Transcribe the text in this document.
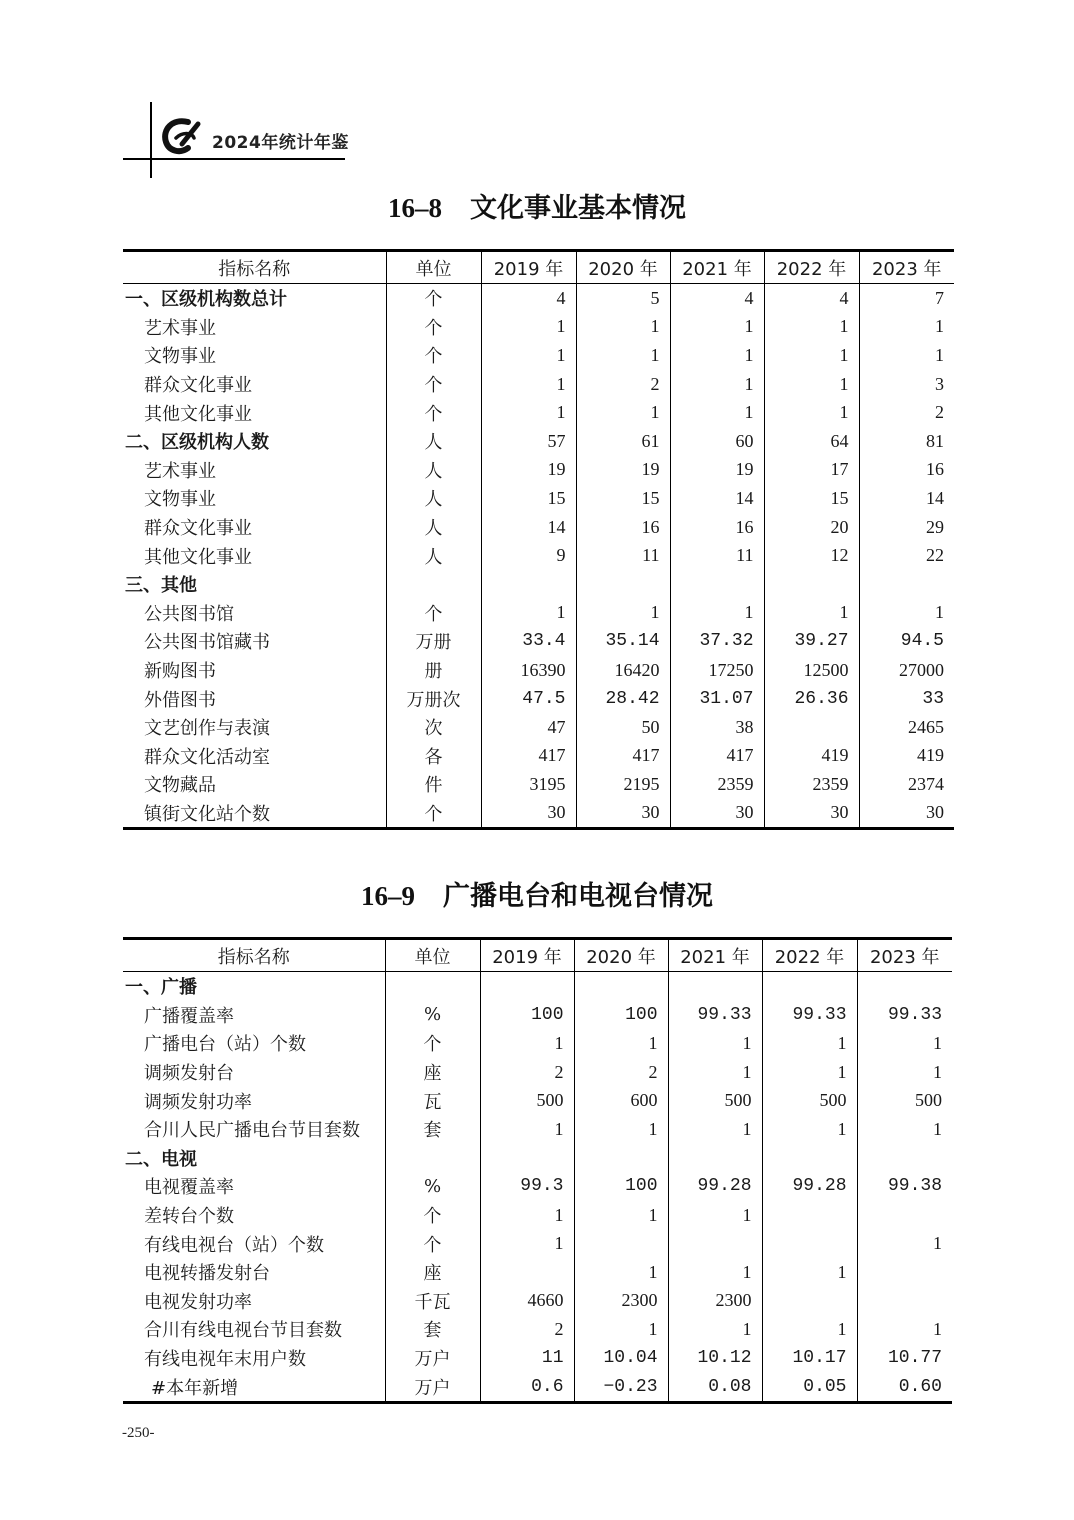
2024年统计年鉴
16–8 文化事业基本情况
指标名称	单位	2019 年	2020 年	2021 年	2022 年	2023 年
一、区级机构数总计	个	4	5	4	4	7
艺术事业	个	1	1	1	1	1
文物事业	个	1	1	1	1	1
群众文化事业	个	1	2	1	1	3
其他文化事业	个	1	1	1	1	2
二、区级机构人数	人	57	61	60	64	81
艺术事业	人	19	19	19	17	16
文物事业	人	15	15	14	15	14
群众文化事业	人	14	16	16	20	29
其他文化事业	人	9	11	11	12	22
三、其他						
公共图书馆	个	1	1	1	1	1
公共图书馆藏书	万册	33.4	35.14	37.32	39.27	94.5
新购图书	册	16390	16420	17250	12500	27000
外借图书	万册次	47.5	28.42	31.07	26.36	33
文艺创作与表演	次	47	50	38		2465
群众文化活动室	各	417	417	417	419	419
文物藏品	件	3195	2195	2359	2359	2374
镇街文化站个数	个	30	30	30	30	30
16–9 广播电台和电视台情况
指标名称	单位	2019 年	2020 年	2021 年	2022 年	2023 年
一、广播						
广播覆盖率	%	100	100	99.33	99.33	99.33
广播电台（站）个数	个	1	1	1	1	1
调频发射台	座	2	2	1	1	1
调频发射功率	瓦	500	600	500	500	500
合川人民广播电台节目套数	套	1	1	1	1	1
二、电视						
电视覆盖率	%	99.3	100	99.28	99.28	99.38
差转台个数	个	1	1	1		
有线电视台（站）个数	个	1				1
电视转播发射台	座		1	1	1	
电视发射功率	千瓦	4660	2300	2300		
合川有线电视台节目套数	套	2	1	1	1	1
有线电视年末用户数	万户	11	10.04	10.12	10.17	10.77
#本年新增	万户	0.6	−0.23	0.08	0.05	0.60
-250-
